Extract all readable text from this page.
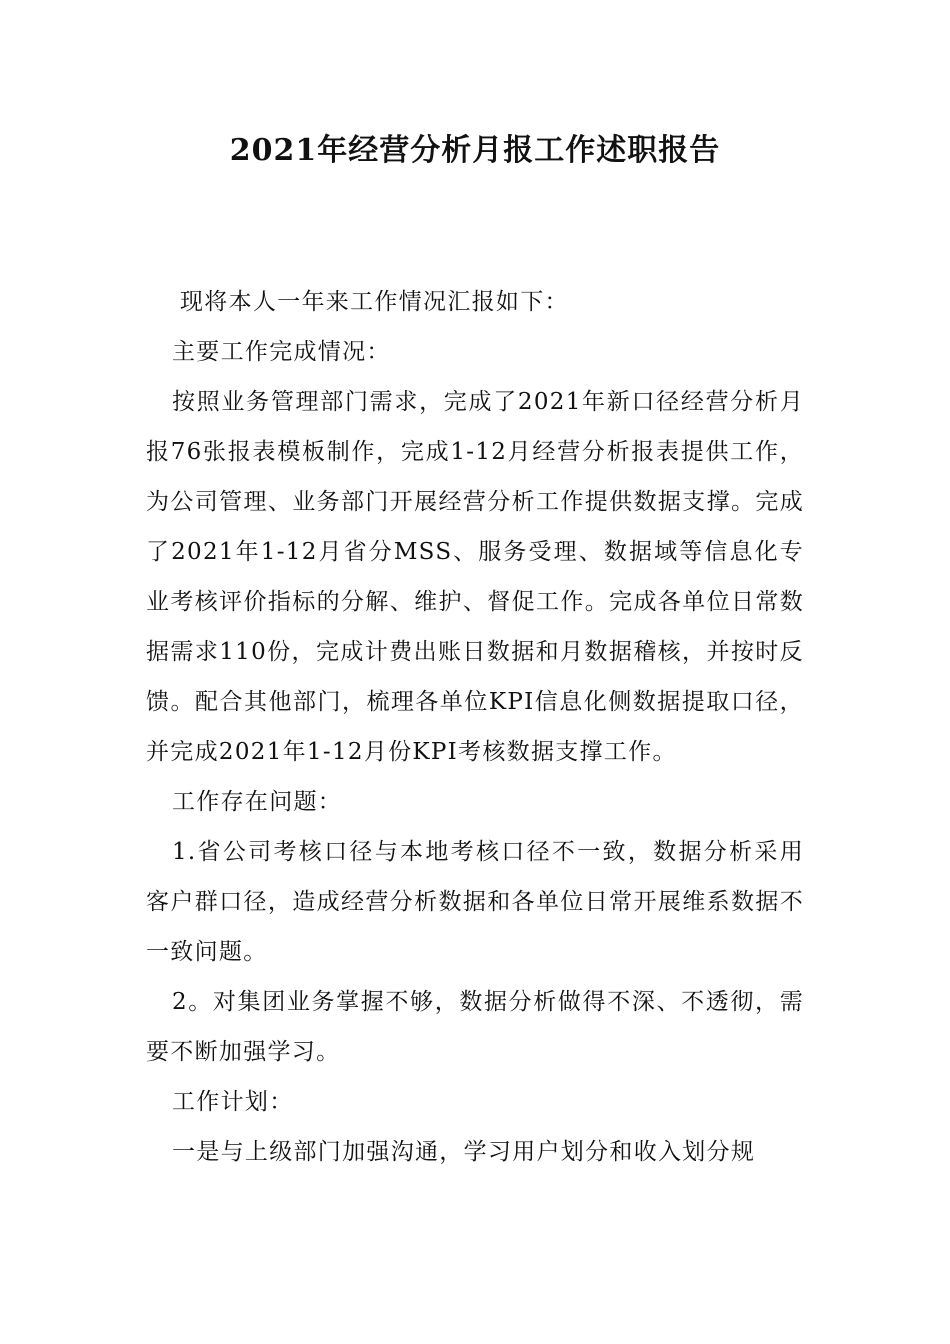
2021年经营分析月报工作述职报告

现将本人一年来工作情况汇报如下：

主要工作完成情况：

按照业务管理部门需求，完成了2021年新口径经营分析月报76张报表模板制作，完成1-12月经营分析报表提供工作，为公司管理、业务部门开展经营分析工作提供数据支撑。完成了2021年1-12月省分MSS、服务受理、数据域等信息化专业考核评价指标的分解、维护、督促工作。完成各单位日常数据需求110份，完成计费出账日数据和月数据稽核，并按时反馈。配合其他部门，梳理各单位KPI信息化侧数据提取口径，并完成2021年1-12月份KPI考核数据支撑工作。

工作存在问题：

1.省公司考核口径与本地考核口径不一致，数据分析采用客户群口径，造成经营分析数据和各单位日常开展维系数据不一致问题。

2。对集团业务掌握不够，数据分析做得不深、不透彻，需要不断加强学习。

工作计划：

一是与上级部门加强沟通，学习用户划分和收入划分规
